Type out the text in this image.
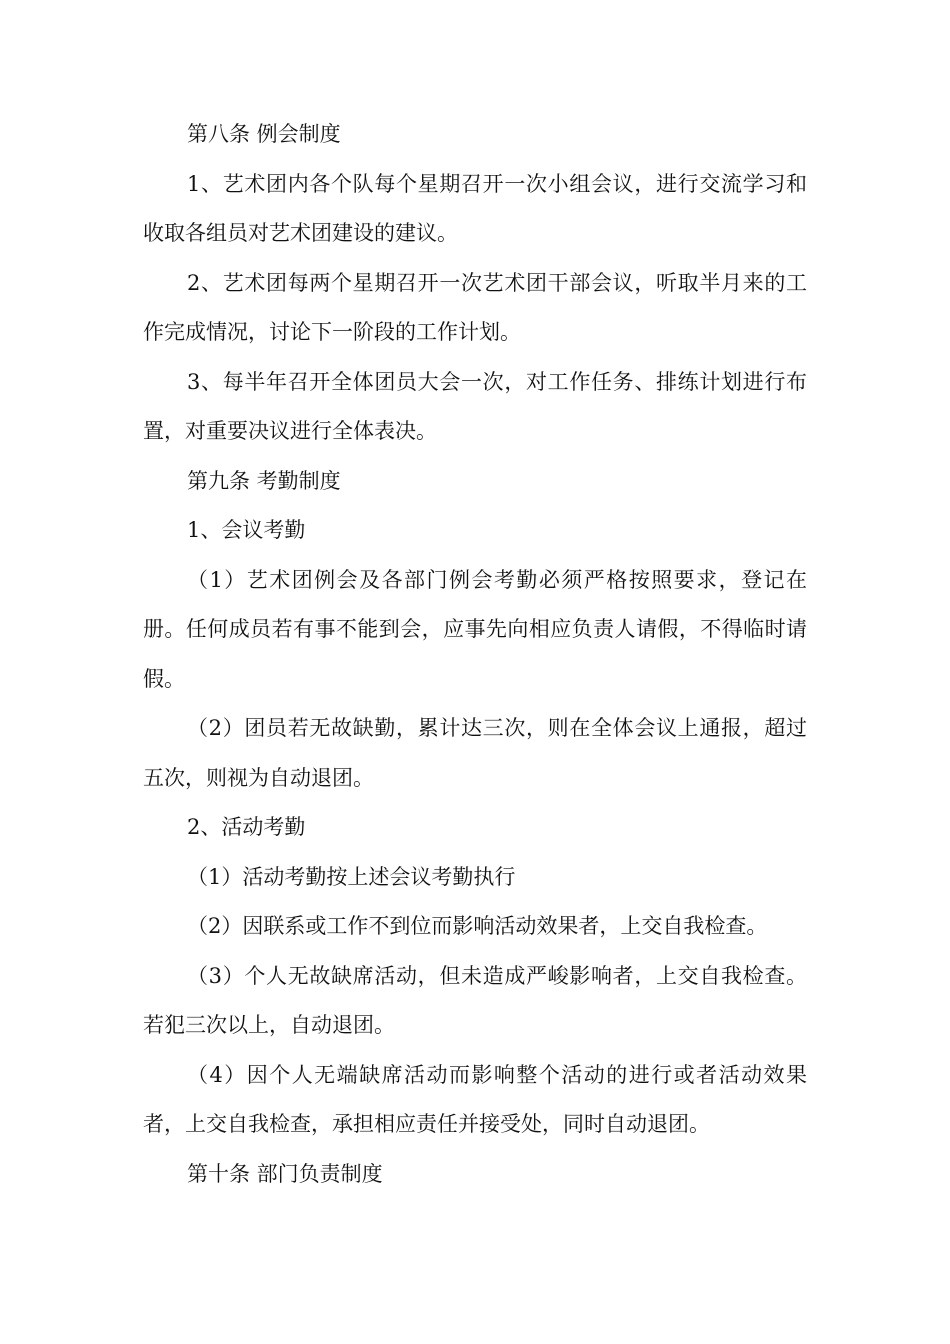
第八条 例会制度

1、艺术团内各个队每个星期召开一次小组会议，进行交流学习和收取各组员对艺术团建设的建议。

2、艺术团每两个星期召开一次艺术团干部会议，听取半月来的工作完成情况，讨论下一阶段的工作计划。

3、每半年召开全体团员大会一次，对工作任务、排练计划进行布置，对重要决议进行全体表决。

第九条 考勤制度

1、会议考勤

（1）艺术团例会及各部门例会考勤必须严格按照要求，登记在册。任何成员若有事不能到会，应事先向相应负责人请假，不得临时请假。

（2）团员若无故缺勤，累计达三次，则在全体会议上通报，超过五次，则视为自动退团。

2、活动考勤

（1）活动考勤按上述会议考勤执行

（2）因联系或工作不到位而影响活动效果者，上交自我检查。

（3）个人无故缺席活动，但未造成严峻影响者，上交自我检查。若犯三次以上，自动退团。

（4）因个人无端缺席活动而影响整个活动的进行或者活动效果者，上交自我检查，承担相应责任并接受处，同时自动退团。

第十条 部门负责制度
